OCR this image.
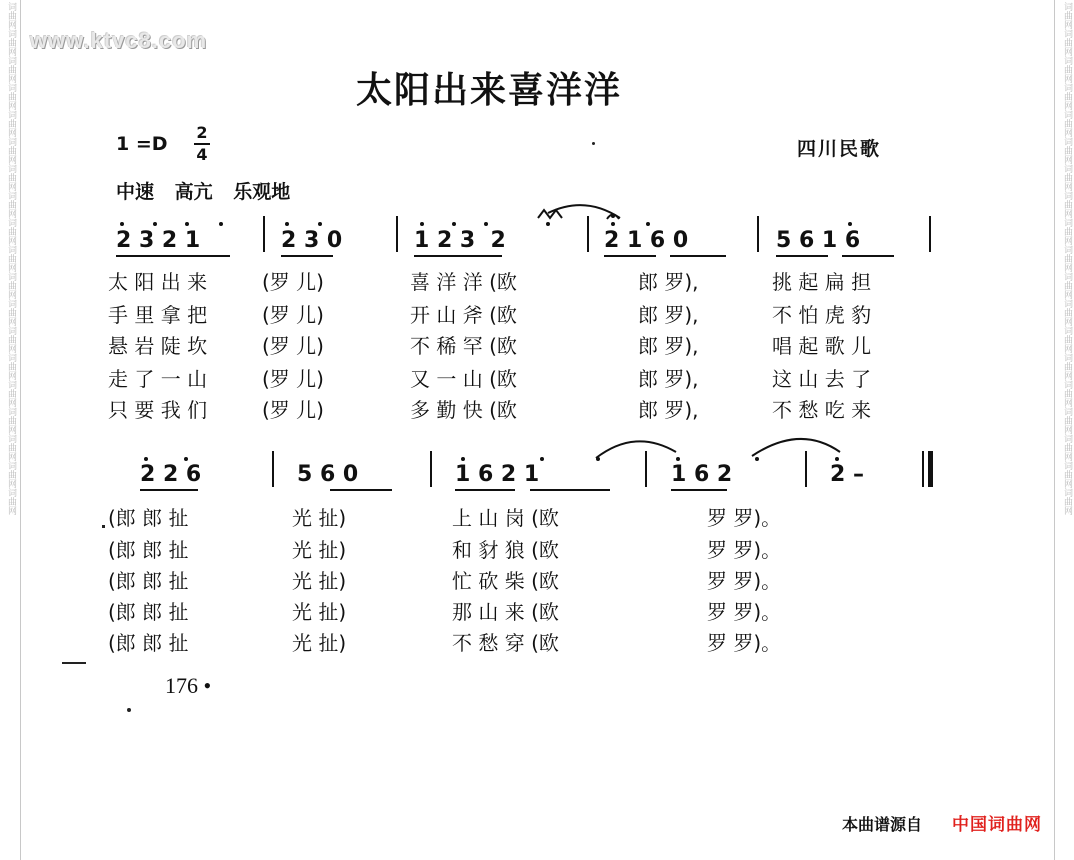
词曲网词曲网词曲网词曲网词曲网词曲网词曲网词曲网词曲网词曲网词曲网词曲网词曲网词曲网词曲网词曲网词曲网词曲网词曲网	词曲网词曲网词曲网词曲网词曲网词曲网词曲网词曲网词曲网词曲网词曲网词曲网词曲网词曲网词曲网词曲网词曲网词曲网词曲网
www.ktvc8.com
太阳出来喜洋洋
1 =D
2
4	四川民歌
中速 高亢 乐观地
2 3 2 1	2 3 0	1 2 3  2	2 1 6 0	5 6 1 6
太 阳 出 来	(罗 儿)	喜 洋 洋 (欧	郎 罗),	挑 起 扁 担
手 里 拿 把	(罗 儿)	开 山 斧 (欧	郎 罗),	不 怕 虎 豹
悬 岩 陡 坎	(罗 儿)	不 稀 罕 (欧	郎 罗),	唱 起 歌 儿
走 了 一 山	(罗 儿)	又 一 山 (欧	郎 罗),	这 山 去 了
只 要 我 们	(罗 儿)	多 勤 快 (欧	郎 罗),	不 愁 吃 来
2 2 6	5 6 0	1 6 2 1	1 6 2	2 –
(郎 郎 扯	光 扯)	上 山 岗 (欧	罗 罗)。
(郎 郎 扯	光 扯)	和 豺 狼 (欧	罗 罗)。
(郎 郎 扯	光 扯)	忙 砍 柴 (欧	罗 罗)。
(郎 郎 扯	光 扯)	那 山 来 (欧	罗 罗)。
(郎 郎 扯	光 扯)	不 愁 穿 (欧	罗 罗)。
176 •
本曲谱源自 中国词曲网
